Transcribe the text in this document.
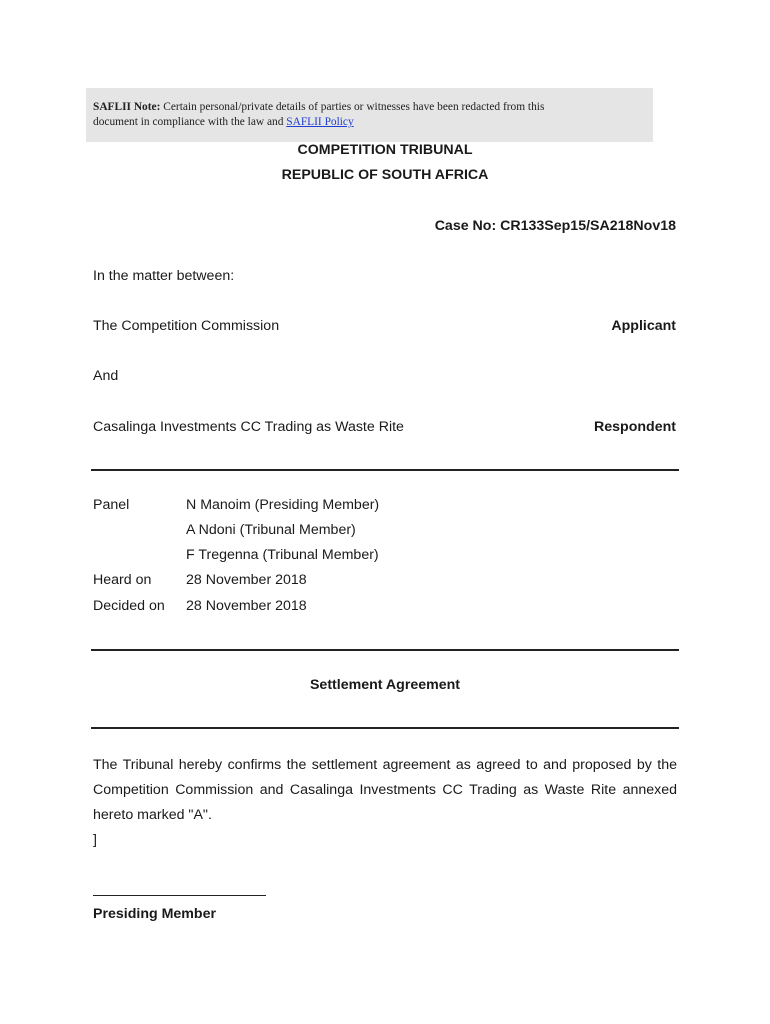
SAFLII Note: Certain personal/private details of parties or witnesses have been redacted from this
document in compliance with the law and SAFLII Policy
COMPETITION TRIBUNAL
REPUBLIC OF SOUTH AFRICA
Case No: CR133Sep15/SA218Nov18
In the matter between:
The Competition Commission	Applicant
And
Casalinga Investments CC Trading as Waste Rite	Respondent
Panel	N Manoim (Presiding Member)
A Ndoni (Tribunal Member)
F Tregenna (Tribunal Member)
Heard on 28 November 2018
Decided on 28 November 2018
Settlement Agreement
The Tribunal hereby confirms the settlement agreement as agreed to and proposed by the Competition Commission and Casalinga Investments CC Trading as Waste Rite annexed hereto marked "A".
]
Presiding Member
